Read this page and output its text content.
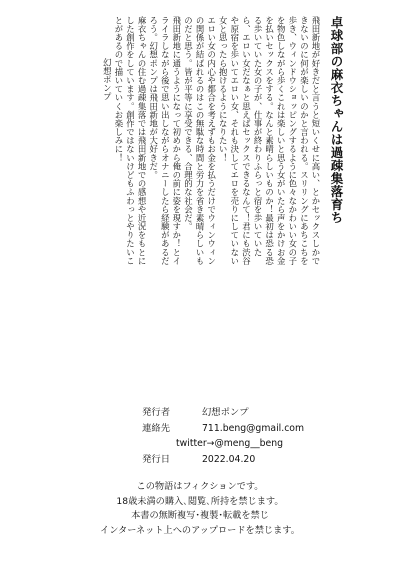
卓球部の麻衣ちゃんは過疎集落育ち

飛田新地が好きだと言うと短いくせに高い、とかセックスしかできないのに何が楽しいのかと言われる。スリリングにあちこちを歩き、ウィンドウショッピングするように色々なかわいい女の子を物色しながら歩くこれは楽しいと思う女がいたら声をかけお金を払いセックスをする。なんと素晴らしいものか！最初は恐る恐る歩いていた女の子が、仕事が終わりふらっと宿を歩いていたら、エロい女だなぁと思えばセックスできるなんて！君にも渋谷や原宿を歩いてエロい女、それも決してエロを売りにしていない女と思ったら抱けるようになりたい！

エロい女の内心や都合を考えずもお金を払うだけでウィンウィンの関係が結ばれるのはこの無駄な時間と労力を省き素晴らしいものだと思う。皆が平等に享受できる、合理的な社会だ。

飛田新地に通うようになって初めから俺の前に姿を現すか！とイライラしながら後で思い出しながらオナニーしたら経験があるだろう。幻想ポンプは飛田新地が大好きだ。

麻衣ちゃんの住む過疎集落では飛田新地での感想や近況をもとにした創作をしています。創作ではないけどもふわっとやりたいことがあるので描いていくお楽しみに！

幻想ポンプ

発行者	幻想ポンプ
連絡先	711.beng@gmail.com
twitter→@meng__beng
発行日	2022.04.20
この物語はフィクションです。
18歳未満の購入､閲覧､所持を禁じます。
本書の無断複写･複製･転載を禁じ
インターネット上へのアップロードを禁じます。
